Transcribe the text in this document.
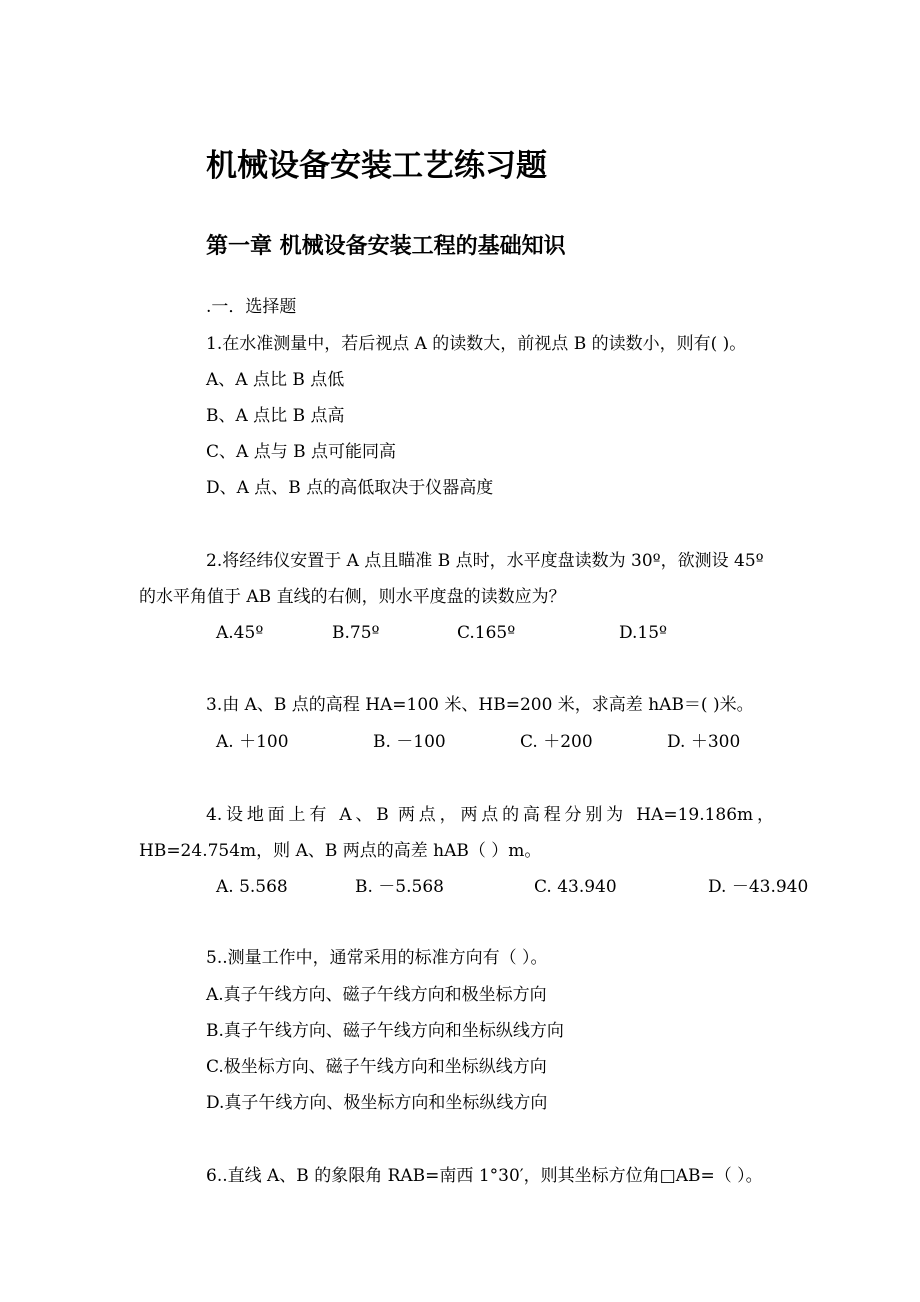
机械设备安装工艺练习题
第一章 机械设备安装工程的基础知识
.一．选择题
1.在水准测量中，若后视点 A 的读数大，前视点 B 的读数小，则有( )。
A、A 点比 B 点低
B、A 点比 B 点高
C、A 点与 B 点可能同高
D、A 点、B 点的高低取决于仪器高度
2.将经纬仪安置于 A 点且瞄准 B 点时，水平度盘读数为 30º，欲测设 45º
的水平角值于 AB 直线的右侧，则水平度盘的读数应为？
A.45º	B.75º	C.165º	D.15º
3.由 A、B 点的高程 HA=100 米、HB=200 米，求高差 hAB＝( )米。
A. ＋100	B. －100	C. ＋200	D. ＋300
4.设地面上有 A、B 两点，两点的高程分别为 HA=19.186m，
HB=24.754m，则 A、B 两点的高差 hAB（ ）m。
A. 5.568	B. －5.568	C. 43.940	D. －43.940
5..测量工作中，通常采用的标准方向有（ ）。
A.真子午线方向、磁子午线方向和极坐标方向
B.真子午线方向、磁子午线方向和坐标纵线方向
C.极坐标方向、磁子午线方向和坐标纵线方向
D.真子午线方向、极坐标方向和坐标纵线方向
6..直线 A、B 的象限角 RAB=南西 1°30′，则其坐标方位角□AB=（ ）。
